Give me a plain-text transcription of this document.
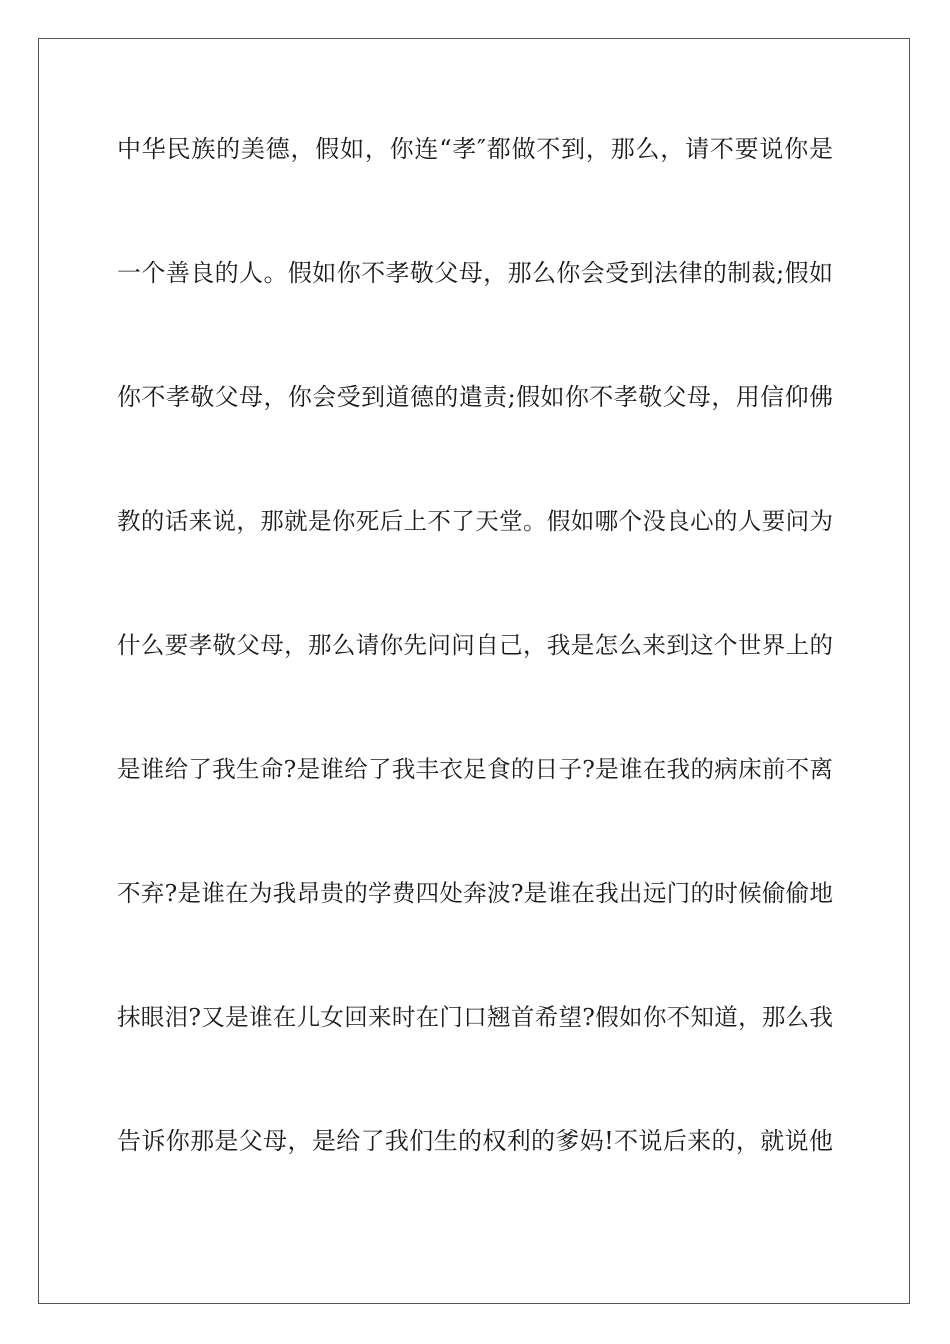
中华民族的美德，假如，你连“孝″都做不到，那么，请不要说你是
一个善良的人。假如你不孝敬父母，那么你会受到法律的制裁;假如
你不孝敬父母，你会受到道德的遣责;假如你不孝敬父母，用信仰佛
教的话来说，那就是你死后上不了天堂。假如哪个没良心的人要问为
什么要孝敬父母，那么请你先问问自己，我是怎么来到这个世界上的
是谁给了我生命?是谁给了我丰衣足食的日子?是谁在我的病床前不离
不弃?是谁在为我昂贵的学费四处奔波?是谁在我出远门的时候偷偷地
抹眼泪?又是谁在儿女回来时在门口翘首希望?假如你不知道，那么我
告诉你那是父母，是给了我们生的权利的爹妈!不说后来的，就说他
